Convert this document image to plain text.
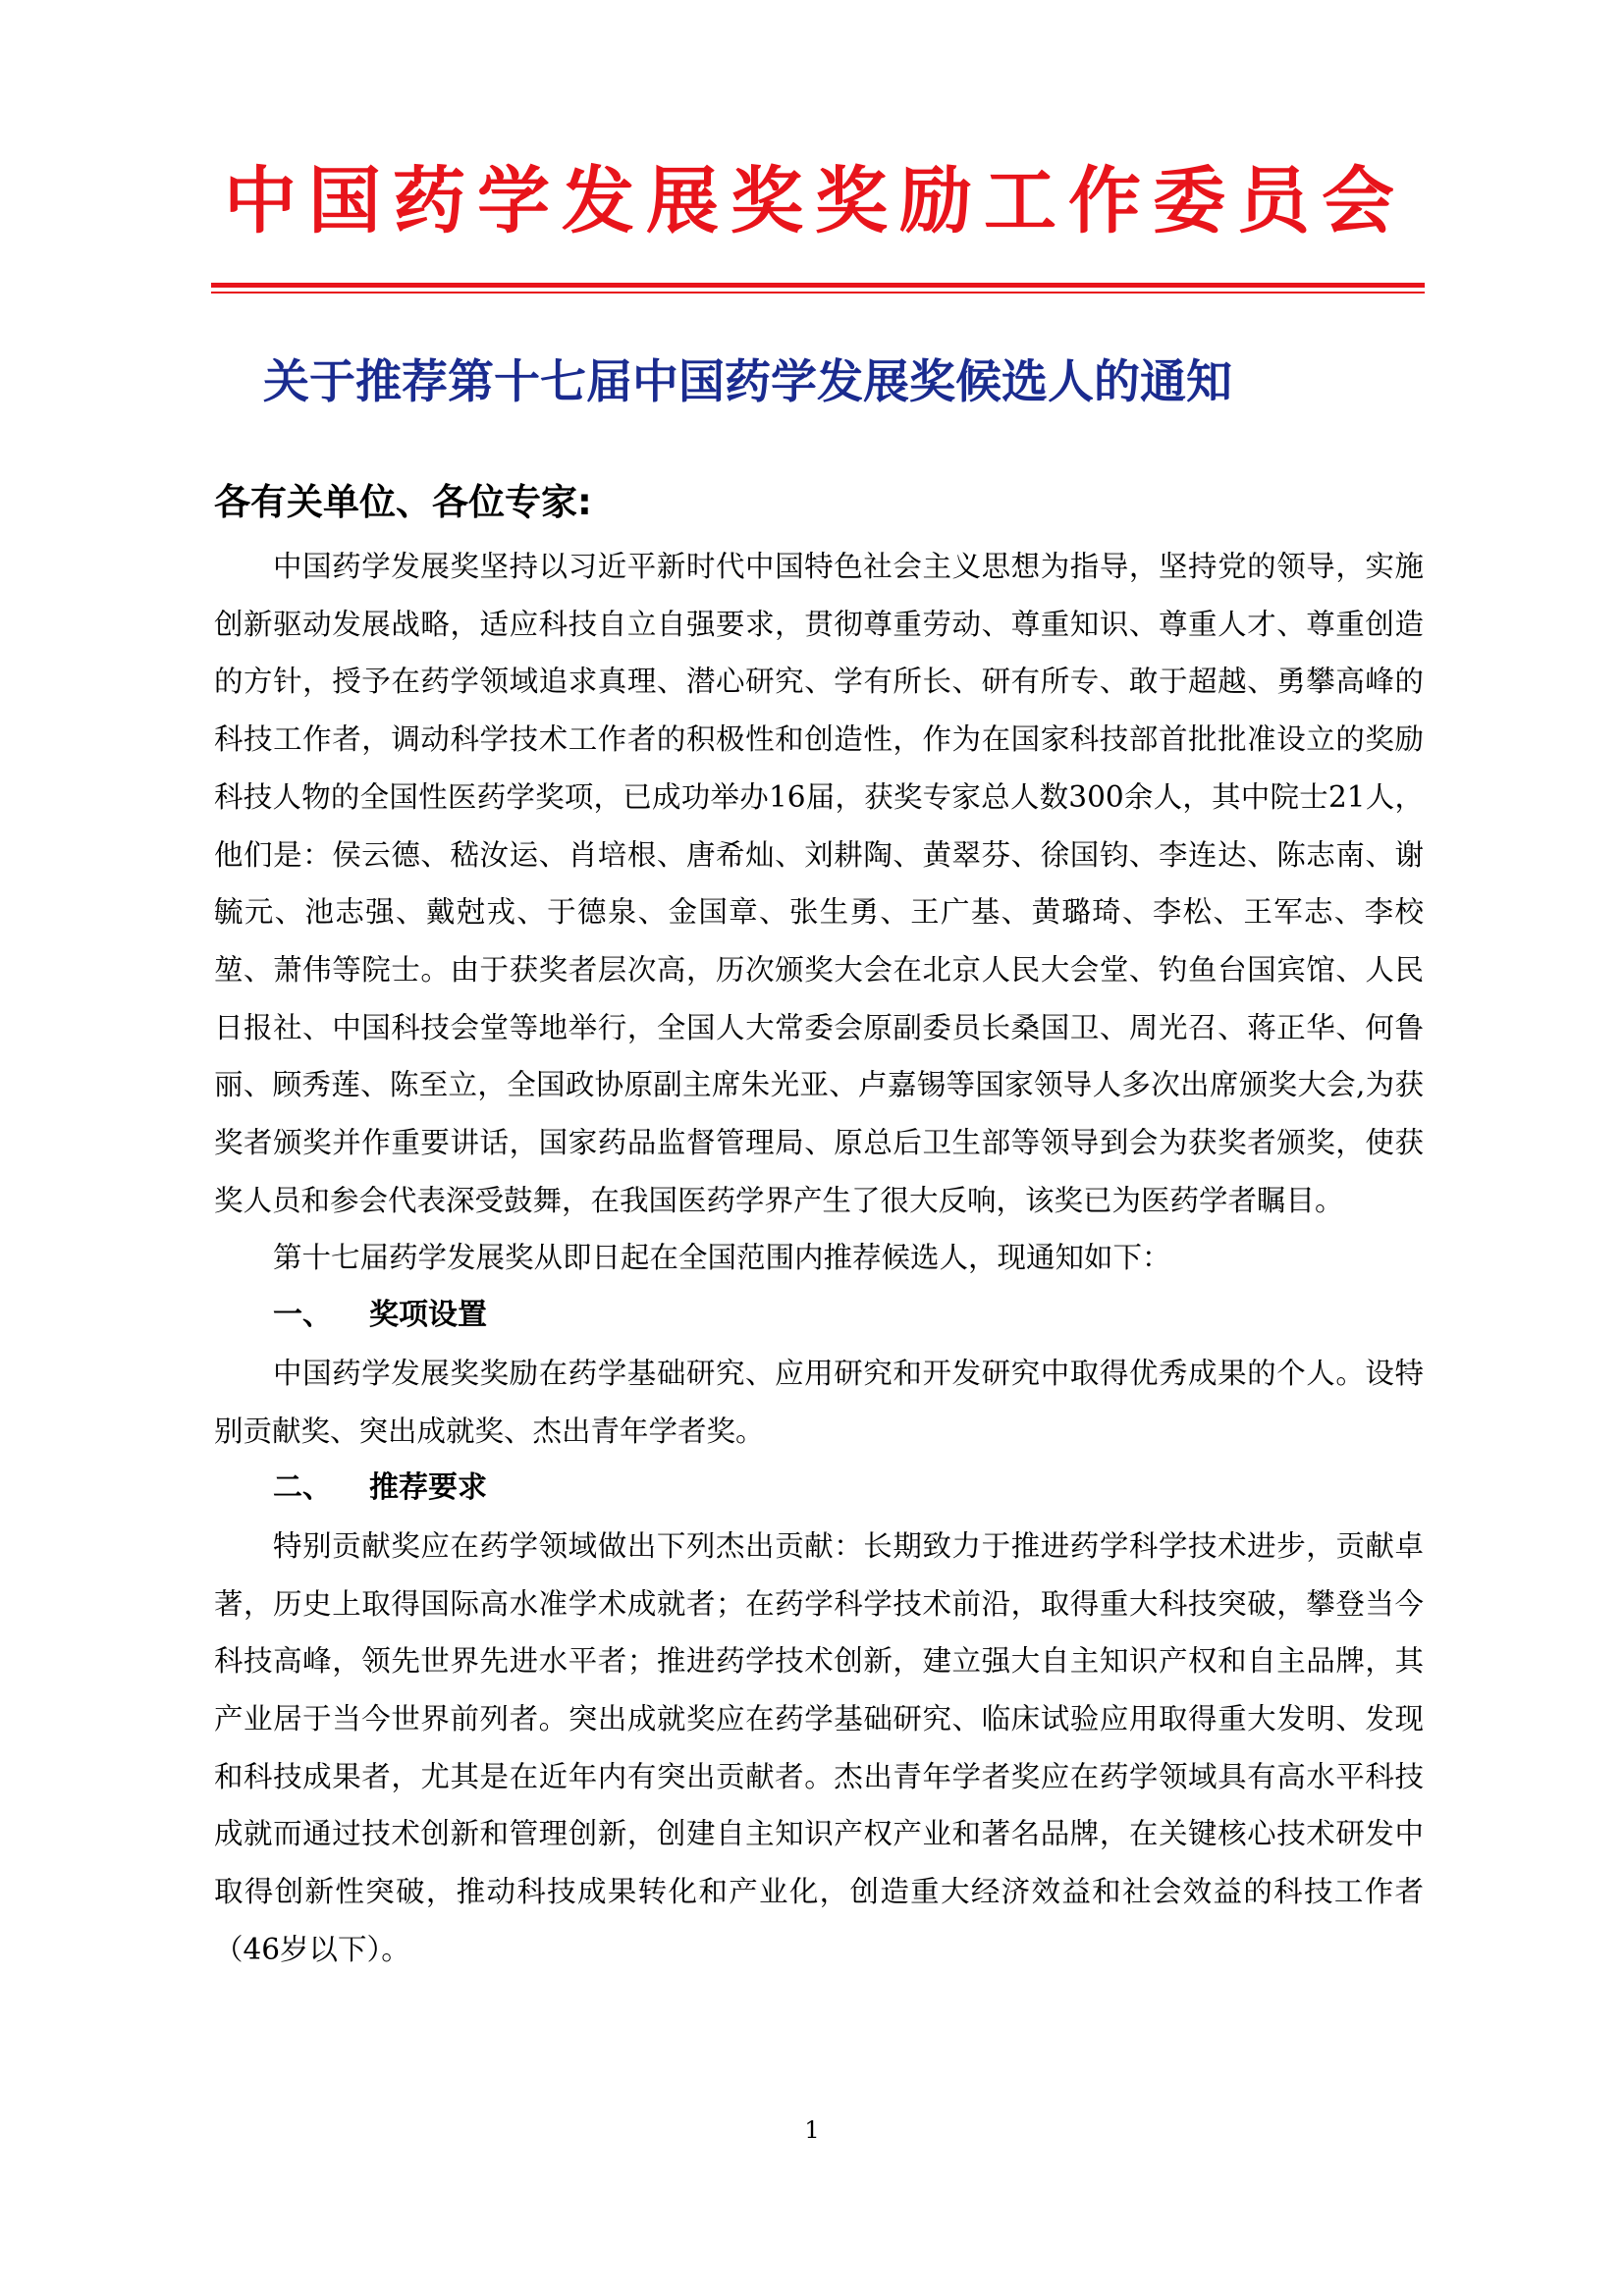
中国药学发展奖奖励工作委员会
关于推荐第十七届中国药学发展奖候选人的通知
各有关单位、各位专家:

中国药学发展奖坚持以习近平新时代中国特色社会主义思想为指导，坚持党的领导，实施创新驱动发展战略，适应科技自立自强要求，贯彻尊重劳动、尊重知识、尊重人才、尊重创造的方针，授予在药学领域追求真理、潜心研究、学有所长、研有所专、敢于超越、勇攀高峰的科技工作者，调动科学技术工作者的积极性和创造性，作为在国家科技部首批批准设立的奖励科技人物的全国性医药学奖项，已成功举办16届，获奖专家总人数300余人，其中院士21人，他们是：侯云德、嵇汝运、肖培根、唐希灿、刘耕陶、黄翠芬、徐国钧、李连达、陈志南、谢毓元、池志强、戴尅戎、于德泉、金国章、张生勇、王广基、黄璐琦、李松、王军志、李校堃、萧伟等院士。由于获奖者层次高，历次颁奖大会在北京人民大会堂、钓鱼台国宾馆、人民日报社、中国科技会堂等地举行，全国人大常委会原副委员长桑国卫、周光召、蒋正华、何鲁丽、顾秀莲、陈至立，全国政协原副主席朱光亚、卢嘉锡等国家领导人多次出席颁奖大会,为获奖者颁奖并作重要讲话，国家药品监督管理局、原总后卫生部等领导到会为获奖者颁奖，使获奖人员和参会代表深受鼓舞，在我国医药学界产生了很大反响，该奖已为医药学者瞩目。

第十七届药学发展奖从即日起在全国范围内推荐候选人，现通知如下：

一、 奖项设置

中国药学发展奖奖励在药学基础研究、应用研究和开发研究中取得优秀成果的个人。设特别贡献奖、突出成就奖、杰出青年学者奖。

二、 推荐要求

特别贡献奖应在药学领域做出下列杰出贡献：长期致力于推进药学科学技术进步，贡献卓著，历史上取得国际高水准学术成就者；在药学科学技术前沿，取得重大科技突破，攀登当今科技高峰，领先世界先进水平者；推进药学技术创新，建立强大自主知识产权和自主品牌，其产业居于当今世界前列者。突出成就奖应在药学基础研究、临床试验应用取得重大发明、发现和科技成果者，尤其是在近年内有突出贡献者。杰出青年学者奖应在药学领域具有高水平科技成就而通过技术创新和管理创新，创建自主知识产权产业和著名品牌，在关键核心技术研发中取得创新性突破，推动科技成果转化和产业化，创造重大经济效益和社会效益的科技工作者（46岁以下）。

1
